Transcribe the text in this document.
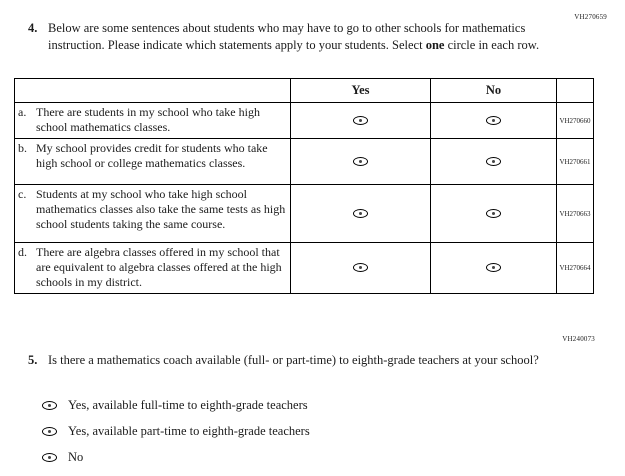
VH270659
4. Below are some sentences about students who may have to go to other schools for mathematics instruction. Please indicate which statements apply to your students. Select one circle in each row.
	Yes	No	

a. There are students in my school who take high school mathematics classes.			VH270660

b. My school provides credit for students who take high school or college mathematics classes.			VH270661

c. Students at my school who take high school mathematics classes also take the same tests as high school students taking the same course.			VH270663

d. There are algebra classes offered in my school that are equivalent to algebra classes offered at the high schools in my district.			VH270664
VH240073
5. Is there a mathematics coach available (full- or part-time) to eighth-grade teachers at your school?
Yes, available full-time to eighth-grade teachers
Yes, available part-time to eighth-grade teachers
No
